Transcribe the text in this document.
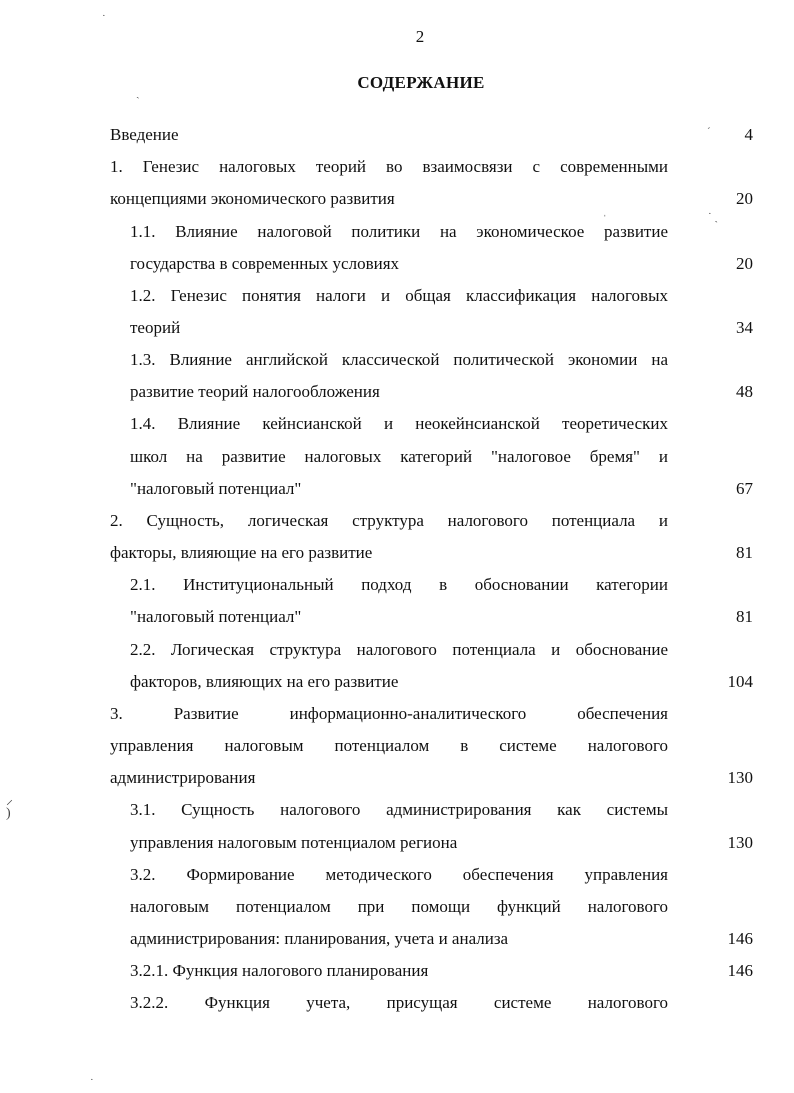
2
СОДЕРЖАНИЕ
Введение	4
1. Генезис налоговых теорий во взаимосвязи с современными
концепциями экономического развития	20
1.1. Влияние налоговой политики на экономическое развитие
государства в современных условиях	20
1.2. Генезис понятия налоги и общая классификация налоговых
теорий	34
1.3. Влияние английской классической политической экономии на
развитие теорий налогообложения	48
1.4. Влияние кейнсианской и неокейнсианской теоретических
школ на развитие налоговых категорий "налоговое бремя" и
"налоговый потенциал"	67
2. Сущность, логическая структура налогового потенциала и
факторы, влияющие на его развитие	81
2.1. Институциональный подход в обосновании категории
"налоговый потенциал"	81
2.2. Логическая структура налогового потенциала и обоснование
факторов, влияющих на его развитие	104
3. Развитие информационно-аналитического обеспечения
управления налоговым потенциалом в системе налогового
администрирования	130
3.1. Сущность налогового администрирования как системы
управления налоговым потенциалом региона	130
3.2. Формирование методического обеспечения управления
налоговым потенциалом при помощи функций налогового
администрирования: планирования, учета и анализа	146
3.2.1. Функция налогового планирования	146
3.2.2. Функция учета, присущая системе налогового
˙
ˎ
ˊ
ˌ	˙ ˏ
⸝
)
˙
